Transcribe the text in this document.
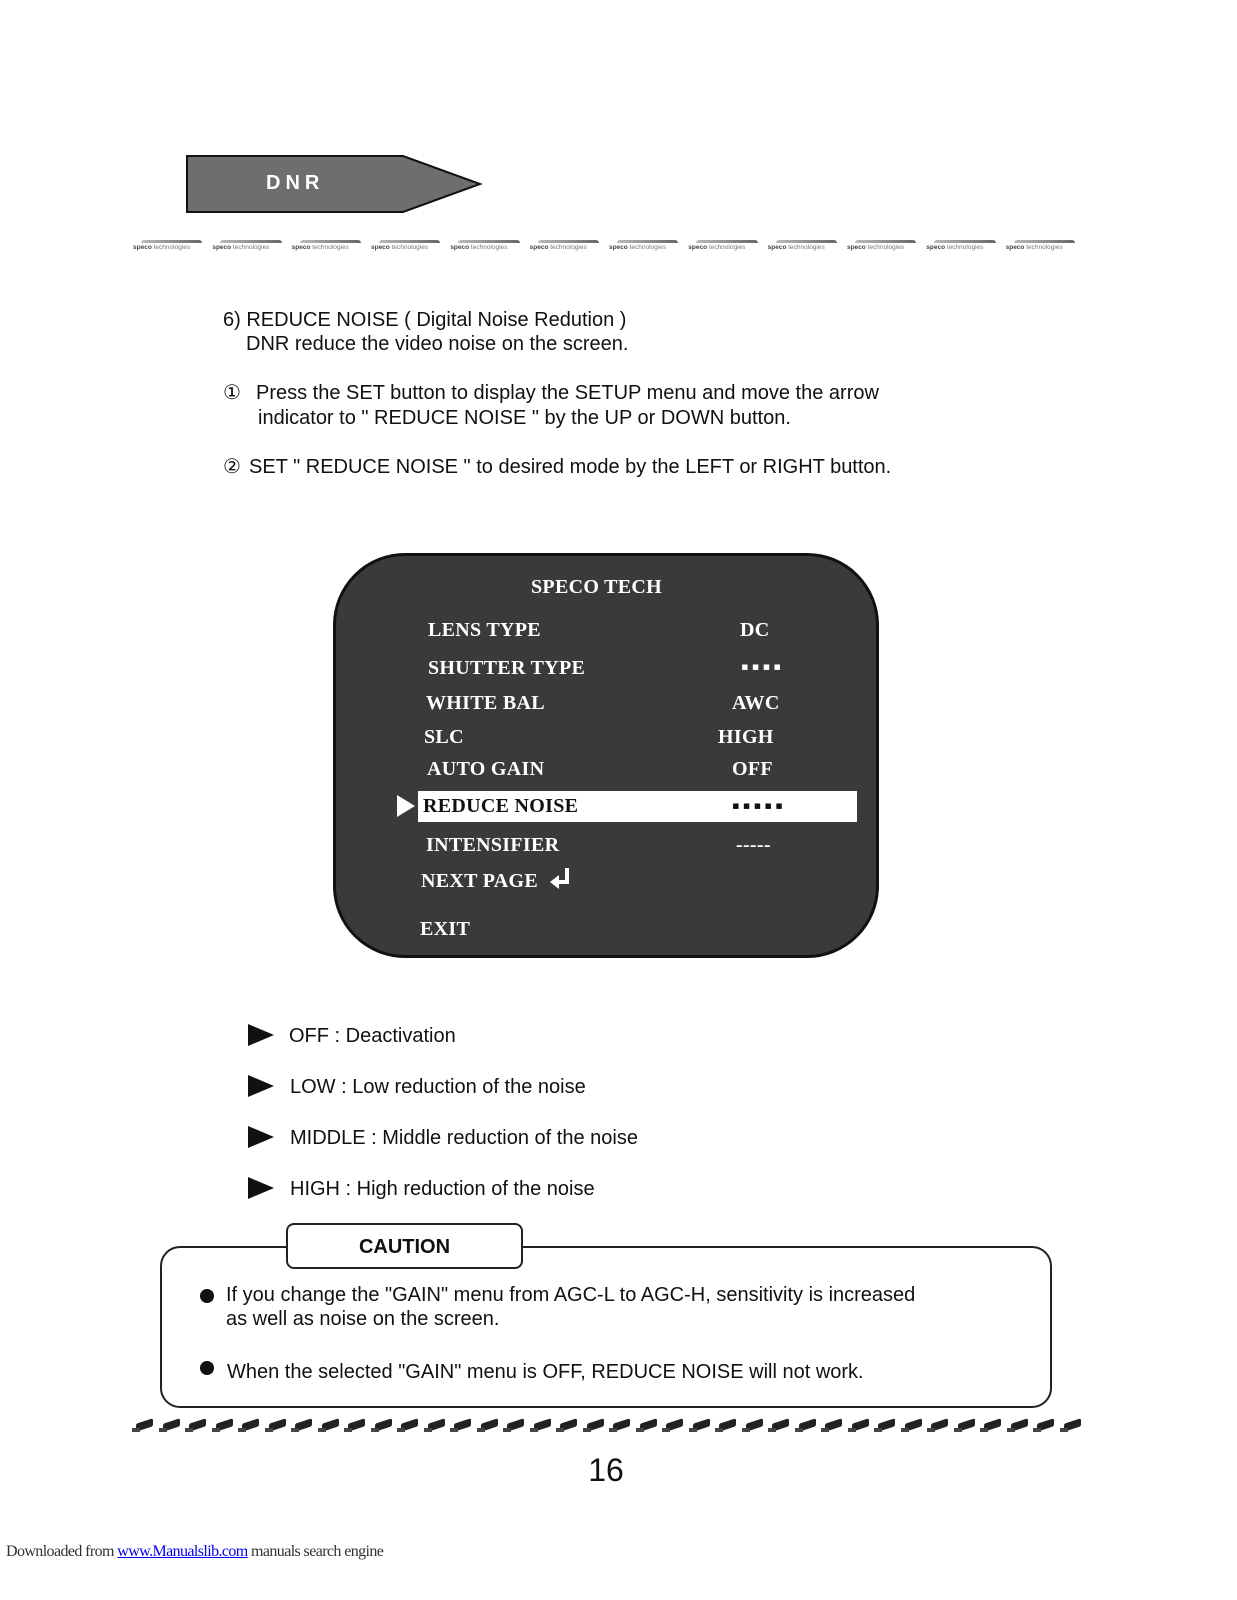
DNR
speco technologies	speco technologies	speco technologies	speco technologies	speco technologies	speco technologies	speco technologies	speco technologies	speco technologies	speco technologies	speco technologies	speco technologies
6) REDUCE NOISE ( Digital Noise Redution )
DNR reduce the video noise on the screen.
① Press the SET button to display the SETUP menu and move the arrow
indicator to " REDUCE NOISE " by the UP or DOWN button.
② SET " REDUCE NOISE " to desired mode by the LEFT or RIGHT button.
SPECO TECH
LENS TYPE	DC
SHUTTER TYPE	▪▪▪▪
WHITE BAL	AWC
SLC	HIGH
AUTO GAIN	OFF
REDUCE NOISE	▪▪▪▪▪
INTENSIFIER	-----
NEXT PAGE
EXIT
OFF : Deactivation
LOW : Low reduction of the noise
MIDDLE : Middle reduction of the noise
HIGH : High reduction of the noise
CAUTION
If you change the "GAIN" menu from AGC-L to AGC-H, sensitivity is increased
as well as noise on the screen.
When the selected "GAIN" menu is OFF, REDUCE NOISE will not work.
16
Downloaded from www.Manualslib.com manuals search engine
